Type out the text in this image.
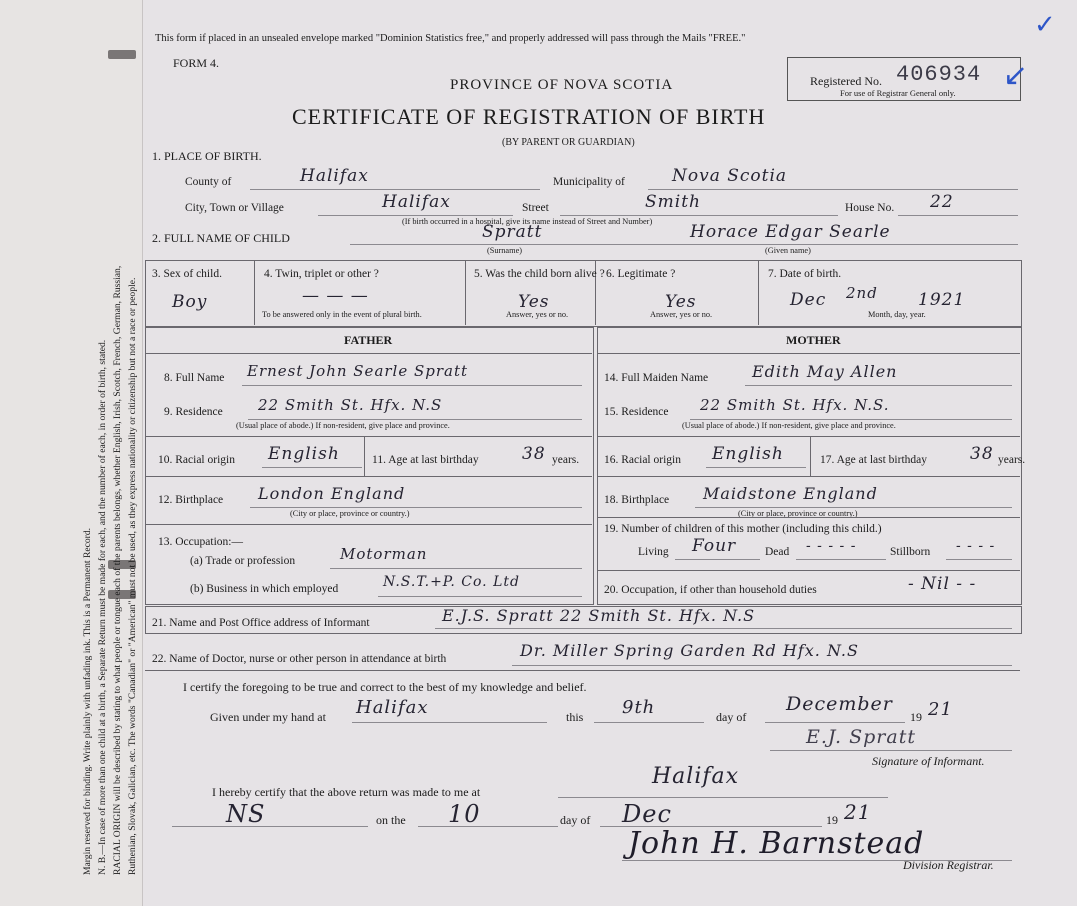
Margin reserved for binding. Write plainly with unfading ink. This is a Permanent Record. N. B.—In case of more than one child at a birth, a Separate Return must be made for each, and the number of each, in order of birth, stated. RACIAL ORIGIN will be described by stating to what people or tongue each of the parents belongs, whether English, Irish, Scotch, French, German, Russian, Ruthenian, Slovak, Galician, etc. The words "Canadian" or "American" must not be used, as they express nationality or citizenship but not a race or people.
This form if placed in an unsealed envelope marked "Dominion Statistics free," and properly addressed will pass through the Mails "FREE."
FORM 4.
PROVINCE OF NOVA SCOTIA
CERTIFICATE OF REGISTRATION OF BIRTH
(BY PARENT OR GUARDIAN)
Registered No. 406934
For use of Registrar General only.
✓
↙
1. PLACE OF BIRTH.
County of	Halifax	Municipality of	Nova Scotia
City, Town or Village	Halifax	Street	Smith	House No. 22
(If birth occurred in a hospital, give its name instead of Street and Number)
2. FULL NAME OF CHILD	Spratt
(Surname)
Horace Edgar Searle
(Given name)
3. Sex of child.
Boy
4. Twin, triplet or other ?
— — —
To be answered only in the event of plural birth.
5. Was the child born alive ?
Yes
Answer, yes or no.
6. Legitimate ?
Yes
Answer, yes or no.
7. Date of birth.
Dec 2nd 1921
Month, day, year.
FATHER	MOTHER
8. Full Name Ernest John Searle Spratt
9. Residence 22 Smith St. Hfx. N.S
(Usual place of abode.) If non-resident, give place and province.
10. Racial origin English	11. Age at last birthday	38 years.
12. Birthplace London England
(City or place, province or country.)
13. Occupation:—
(a) Trade or profession	Motorman
(b) Business in which employed	N.S.T.+P. Co. Ltd
14. Full Maiden Name	Edith May Allen
15. Residence 22 Smith St. Hfx. N.S.
(Usual place of abode.) If non-resident, give place and province.
16. Racial origin English	17. Age at last birthday	38 years.
18. Birthplace Maidstone England
(City or place, province or country.)
19. Number of children of this mother (including this child.)
Living Four	Dead - - - - -	Stillborn - - - -
20. Occupation, if other than household duties	- Nil - -
21. Name and Post Office address of Informant	E.J.S. Spratt 22 Smith St. Hfx. N.S
22. Name of Doctor, nurse or other person in attendance at birth	Dr. Miller Spring Garden Rd Hfx. N.S
I certify the foregoing to be true and correct to the best of my knowledge and belief.
Given under my hand at Halifax	this 9th	day of
December
19 21
E.J. Spratt
Signature of Informant.
I hereby certify that the above return was made to me at
Halifax
NS	on the 10	day of Dec	19 21
John H. Barnstead
Division Registrar.
